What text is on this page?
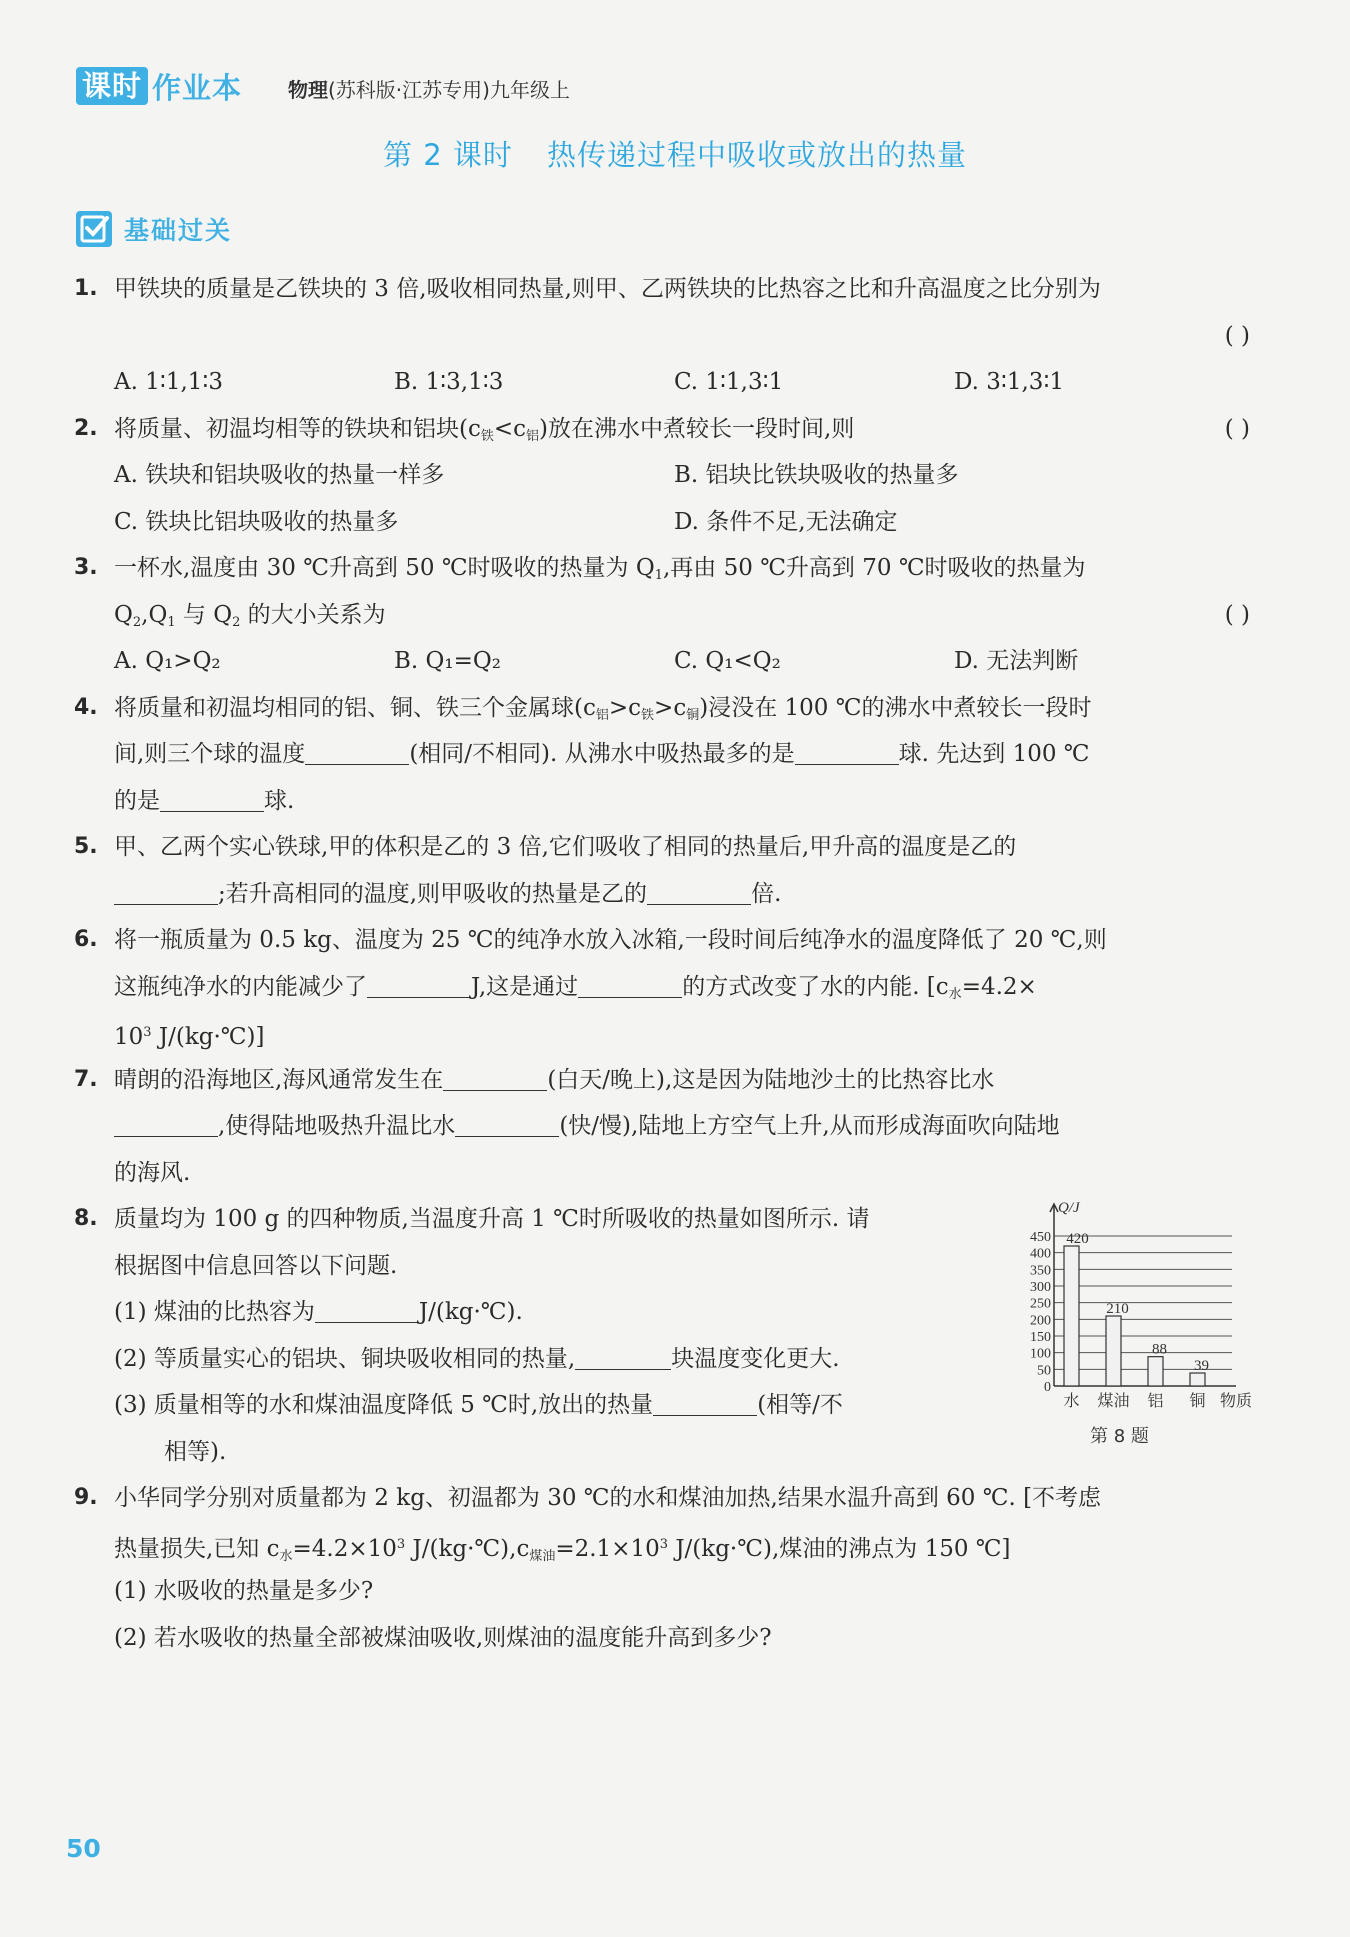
课时 作业本 物理(苏科版·江苏专用)九年级上
第 2 课时 热传递过程中吸收或放出的热量
基础过关
1. 甲铁块的质量是乙铁块的 3 倍,吸收相同热量,则甲、乙两铁块的比热容之比和升高温度之比分别为
( )
A. 1∶1,1∶3	B. 1∶3,1∶3	C. 1∶1,3∶1	D. 3∶1,3∶1
2. 将质量、初温均相等的铁块和铝块$(c_铁<c_铝)$放在沸水中煮较长一段时间,则	( )
A. 铁块和铝块吸收的热量一样多	B. 铝块比铁块吸收的热量多
C. 铁块比铝块吸收的热量多	D. 条件不足,无法确定
3. 一杯水,温度由 30 ℃升高到 50 ℃时吸收的热量为 $Q_1$,再由 50 ℃升高到 70 ℃时吸收的热量为
$Q_2,Q_1$ 与 $Q_2$ 的大小关系为	( )
A. Q₁>Q₂	B. Q₁=Q₂	C. Q₁<Q₂	D. 无法判断
4. 将质量和初温均相同的铝、铜、铁三个金属球$(c_铝>c_铁>c_铜)$浸没在 100 ℃的沸水中煮较长一段时
间,则三个球的温度	(相同/不相同). 从沸水中吸热最多的是	球. 先达到 100 ℃
的是	球.
5. 甲、乙两个实心铁球,甲的体积是乙的 3 倍,它们吸收了相同的热量后,甲升高的温度是乙的
;若升高相同的温度,则甲吸收的热量是乙的	倍.
6. 将一瓶质量为 0.5 kg、温度为 25 ℃的纯净水放入冰箱,一段时间后纯净水的温度降低了 20 ℃,则
这瓶纯净水的内能减少了	J,这是通过	的方式改变了水的内能. [$c_水=4.2\times$
$10^3$ J/(kg·℃)]
7. 晴朗的沿海地区,海风通常发生在	(白天/晚上),这是因为陆地沙土的比热容比水
,使得陆地吸热升温比水	(快/慢),陆地上方空气上升,从而形成海面吹向陆地
的海风.
8. 质量均为 100 g 的四种物质,当温度升高 1 ℃时所吸收的热量如图所示. 请
根据图中信息回答以下问题.
(1) 煤油的比热容为	J/(kg·℃).
(2) 等质量实心的铝块、铜块吸收相同的热量,	块温度变化更大.
(3) 质量相等的水和煤油温度降低 5 ℃时,放出的热量	(相等/不
相等).
9. 小华同学分别对质量都为 2 kg、初温都为 30 ℃的水和煤油加热,结果水温升高到 60 ℃. [不考虑
热量损失,已知 $c_水=4.2\times 10^3$ $J/(kg\cdot℃),c_{煤油}=2.1\times 10^3$ J/(kg·℃),煤油的沸点为 150 ℃]
(1) 水吸收的热量是多少?
(2) 若水吸收的热量全部被煤油吸收,则煤油的温度能升高到多少?
0
50
100
150
200
250
300
350
400
450
Q/J
420
水
210
煤油
88
铝
39
铜 物质
第 8 题
50
